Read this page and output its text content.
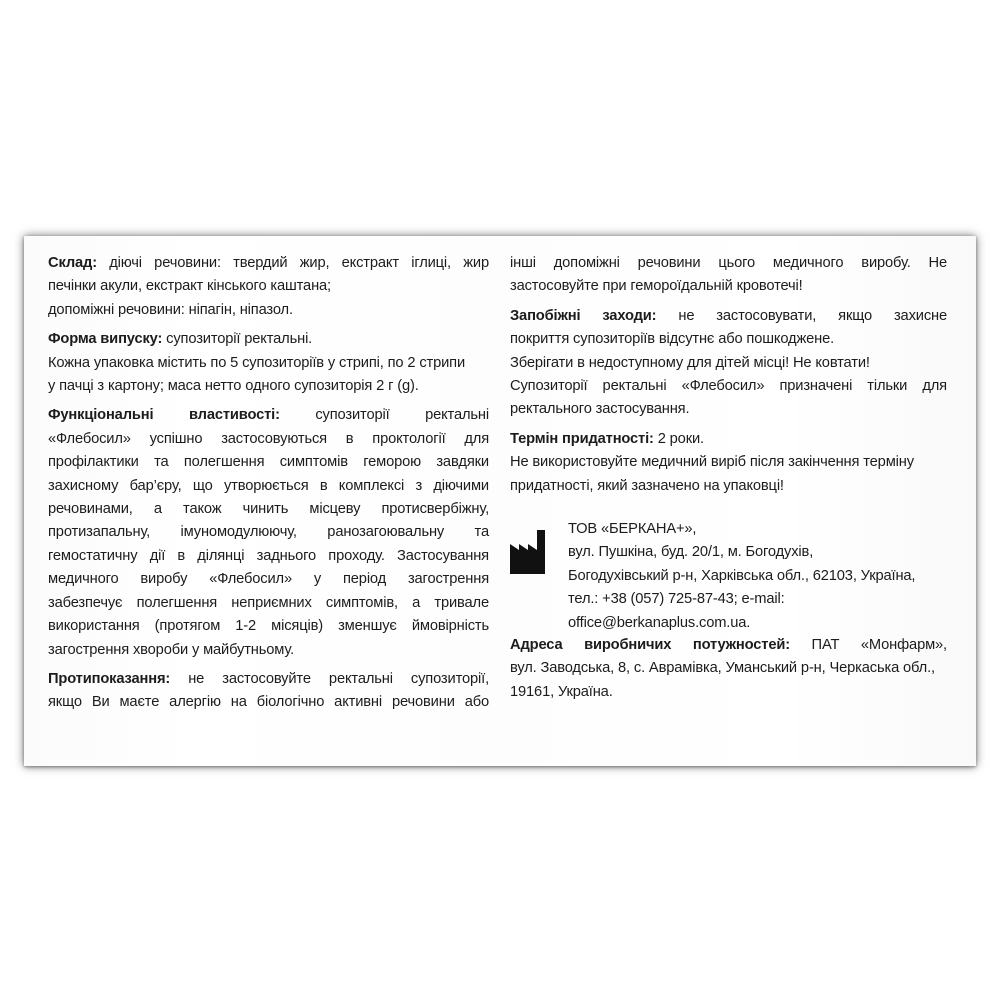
Склад: діючі речовини: твердий жир, екстракт іглиці, жир
печінки акули, екстракт кінського каштана;
допоміжні речовини: ніпагін, ніпазол.

Форма випуску: супозиторії ректальні.
Кожна упаковка містить по 5 супозиторіїв у стрипі, по 2 стрипи
у пачці з картону; маса нетто одного супозиторія 2 г (g).

Функціональні властивості: супозиторії ректальні
«Флебосил» успішно застосовуються в проктології для
профілактики та полегшення симптомів геморою завдяки
захисному бар’єру, що утворюється в комплексі з діючими
речовинами, а також чинить місцеву протисвербіжну,
протизапальну, імуномодулюючу, ранозагоювальну та
гемостатичну дії в ділянці заднього проходу. Застосування
медичного виробу «Флебосил» у період загострення
забезпечує полегшення неприємних симптомів, а тривале
використання (протягом 1-2 місяців) зменшує ймовірність
загострення хвороби у майбутньому.

Протипоказання: не застосовуйте ректальні супозиторії,
якщо Ви маєте алергію на біологічно активні речовини або

інші допоміжні речовини цього медичного виробу. Не
застосовуйте при геморoїдальній кровотечі!

Запобіжні заходи: не застосовувати, якщо захисне
покриття супозиторіїв відсутнє або пошкоджене.
Зберігати в недоступному для дітей місці! Не ковтати!
Супозиторії ректальні «Флебосил» призначені тільки для
ректального застосування.

Термін придатності: 2 роки.
Не використовуйте медичний виріб після закінчення терміну
придатності, який зазначено на упаковці!

ТОВ «БЕРКАНА+»,
вул. Пушкіна, буд. 20/1, м. Богодухів,
Богодухівський р-н, Харківська обл., 62103, Україна,
тел.: +38 (057) 725-87-43; e-mail: office@berkanaplus.com.ua.

Адреса виробничих потужностей: ПАТ «Монфарм»,
вул. Заводська, 8, с. Аврамівка, Уманський р-н, Черкаська обл.,
19161, Україна.
